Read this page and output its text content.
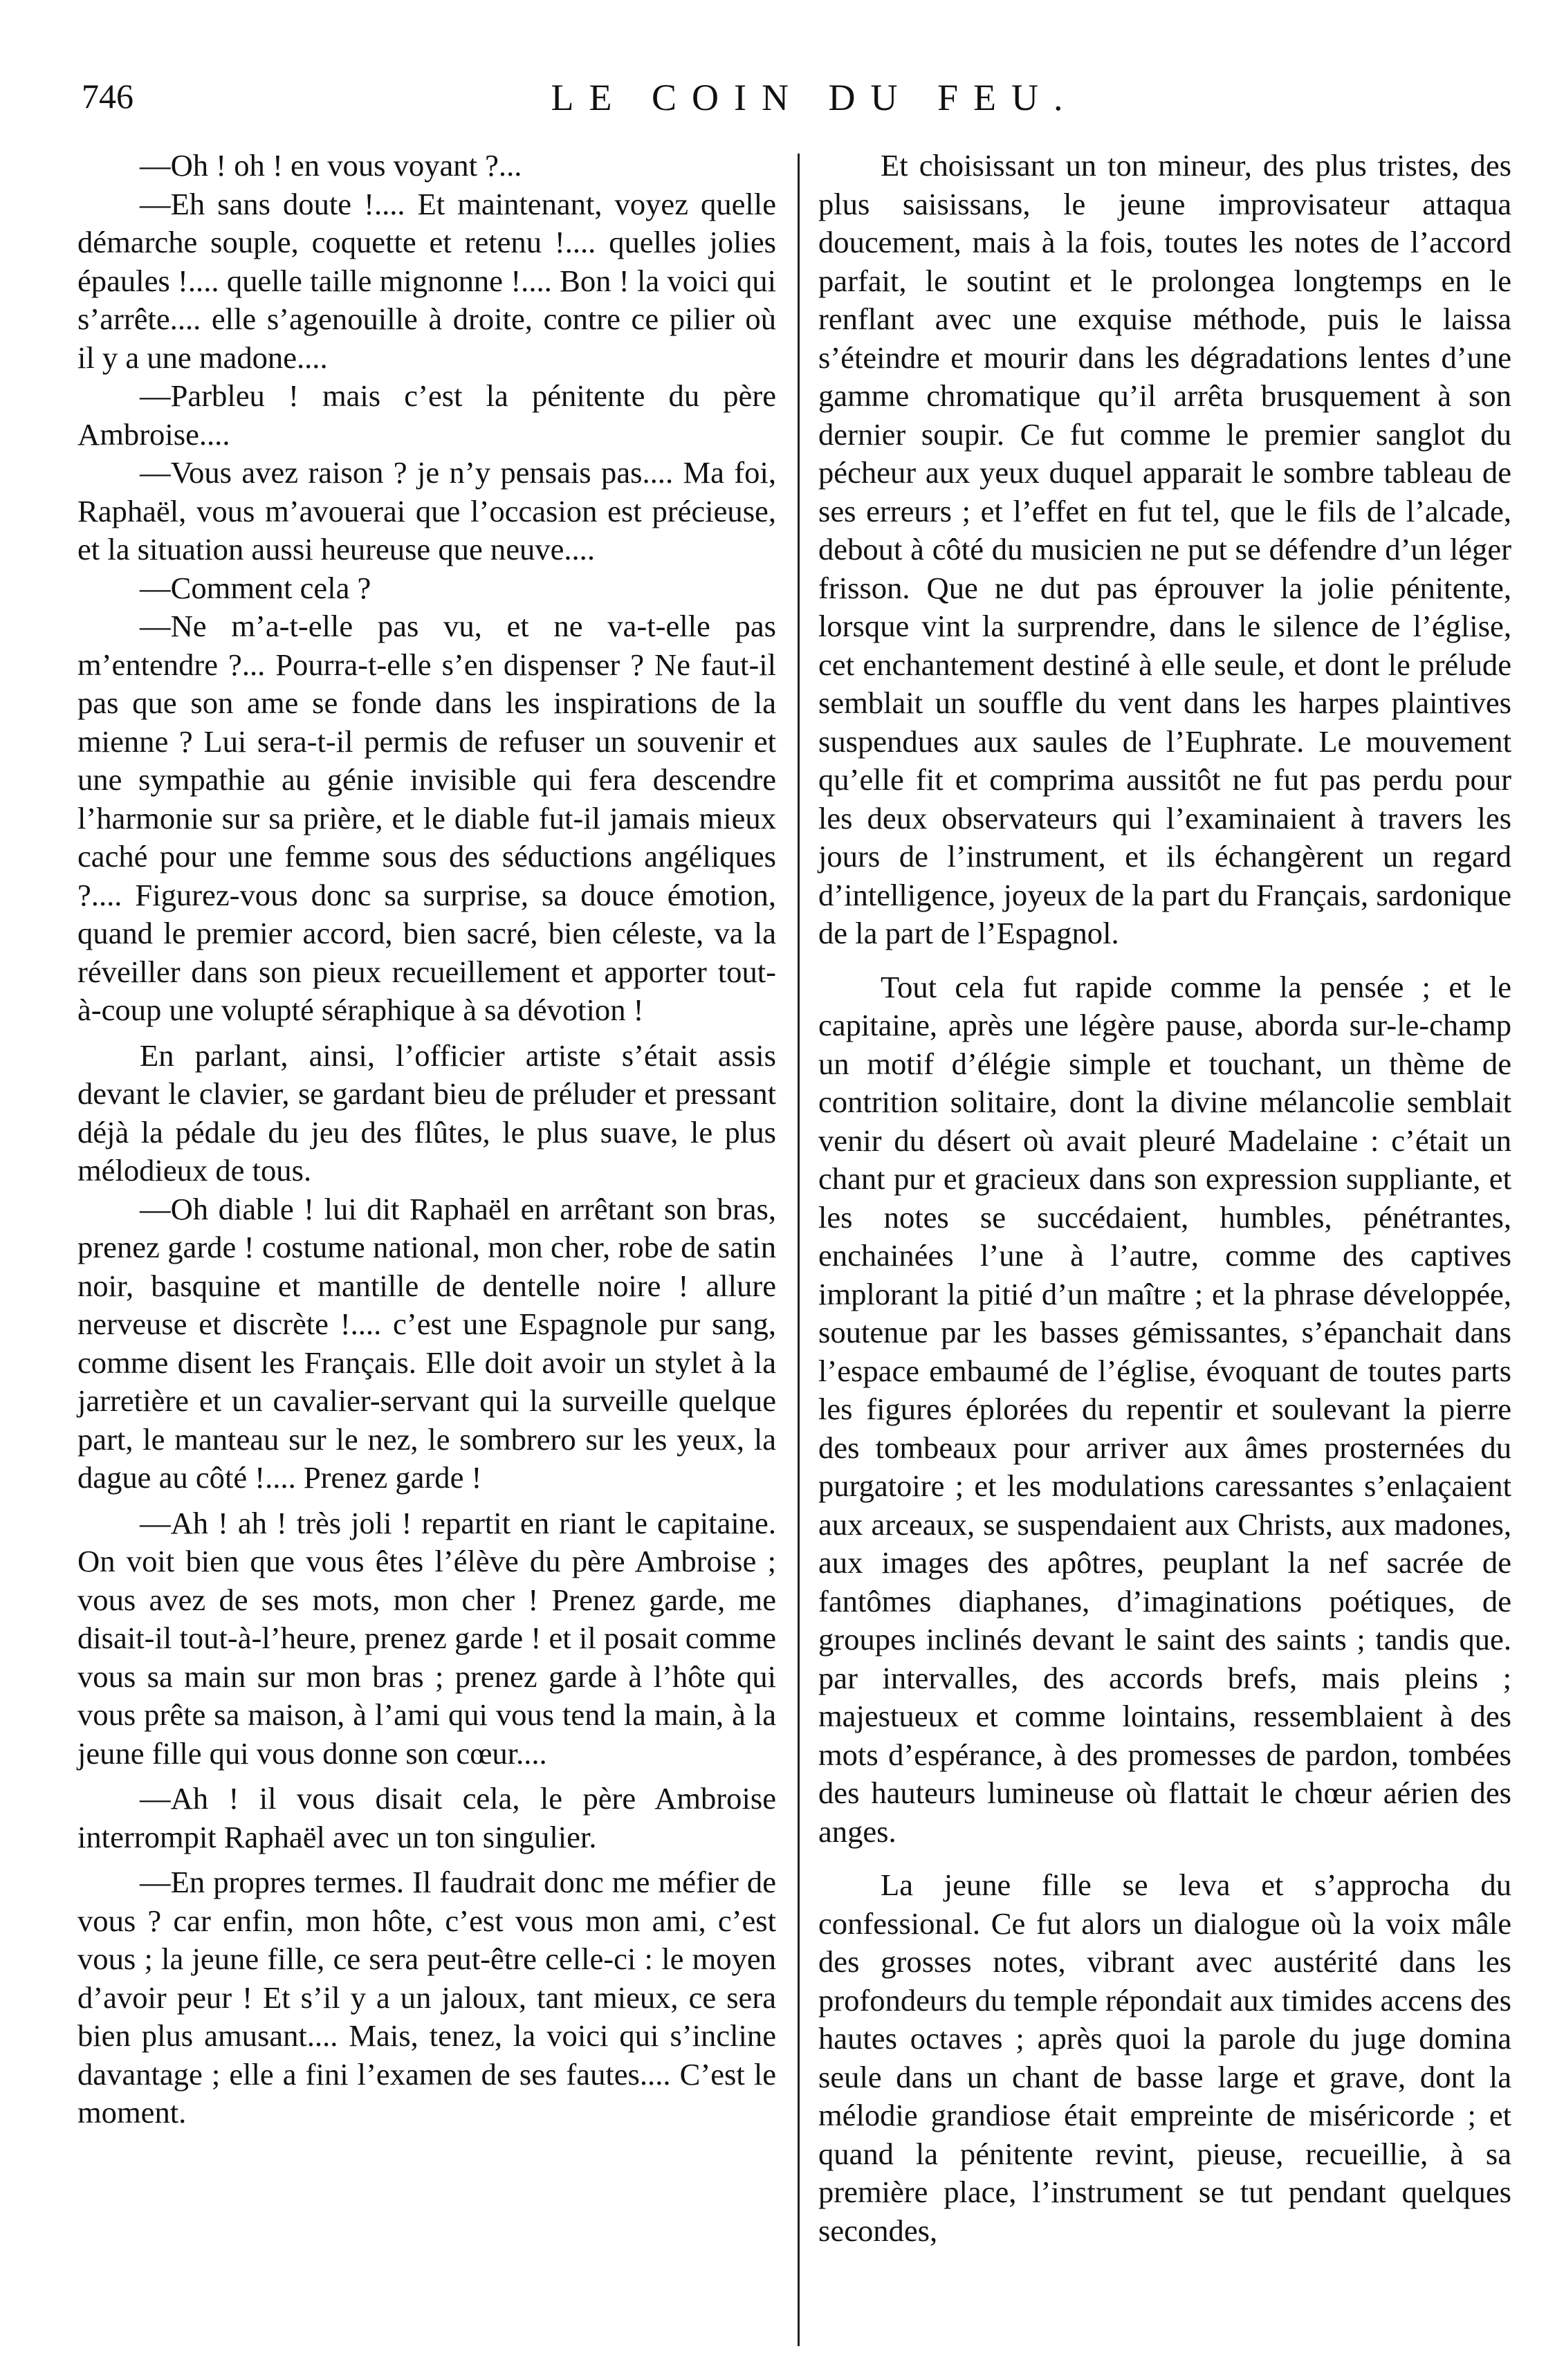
746	LE COIN DU FEU.

—Oh ! oh ! en vous voyant ?...

—Eh sans doute !.... Et maintenant, voyez quelle démarche souple, coquette et retenu !.... quelles jolies épaules !.... quelle taille mignonne !.... Bon ! la voici qui s’arrête.... elle s’agenouille à droite, contre ce pilier où il y a une madone....

—Parbleu ! mais c’est la pénitente du père Ambroise....

—Vous avez raison ? je n’y pensais pas.... Ma foi, Raphaël, vous m’avouerai que l’occasion est précieuse, et la situation aussi heureuse que neuve....

—Comment cela ?

—Ne m’a-t-elle pas vu, et ne va-t-elle pas m’entendre ?... Pourra-t-elle s’en dispenser ? Ne faut-il pas que son ame se fonde dans les inspirations de la mienne ? Lui sera-t-il permis de refuser un souvenir et une sympathie au génie invisible qui fera descendre l’harmonie sur sa prière, et le diable fut-il jamais mieux caché pour une femme sous des séductions angéliques ?.... Figurez-vous donc sa surprise, sa douce émotion, quand le premier accord, bien sacré, bien céleste, va la réveiller dans son pieux recueillement et apporter tout-à-coup une volupté séraphique à sa dévotion !

En parlant, ainsi, l’officier artiste s’était assis devant le clavier, se gardant bieu de préluder et pressant déjà la pédale du jeu des flûtes, le plus suave, le plus mélodieux de tous.

—Oh diable ! lui dit Raphaël en arrêtant son bras, prenez garde ! costume national, mon cher, robe de satin noir, basquine et mantille de dentelle noire ! allure nerveuse et discrète !.... c’est une Espagnole pur sang, comme disent les Français. Elle doit avoir un stylet à la jarretière et un cavalier-servant qui la surveille quelque part, le manteau sur le nez, le sombrero sur les yeux, la dague au côté !.... Prenez garde !

—Ah ! ah ! très joli ! repartit en riant le capitaine. On voit bien que vous êtes l’élève du père Ambroise ; vous avez de ses mots, mon cher ! Prenez garde, me disait-il tout-à-l’heure, prenez garde ! et il posait comme vous sa main sur mon bras ; prenez garde à l’hôte qui vous prête sa maison, à l’ami qui vous tend la main, à la jeune fille qui vous donne son cœur....

—Ah ! il vous disait cela, le père Ambroise interrompit Raphaël avec un ton singulier.

—En propres termes. Il faudrait donc me méfier de vous ? car enfin, mon hôte, c’est vous mon ami, c’est vous ; la jeune fille, ce sera peut-être celle-ci : le moyen d’avoir peur ! Et s’il y a un jaloux, tant mieux, ce sera bien plus amusant.... Mais, tenez, la voici qui s’incline davantage ; elle a fini l’examen de ses fautes.... C’est le moment.

Et choisissant un ton mineur, des plus tristes, des plus saisissans, le jeune improvisateur attaqua doucement, mais à la fois, toutes les notes de l’accord parfait, le soutint et le prolongea longtemps en le renflant avec une exquise méthode, puis le laissa s’éteindre et mourir dans les dégradations lentes d’une gamme chromatique qu’il arrêta brusquement à son dernier soupir. Ce fut comme le premier sanglot du pécheur aux yeux duquel apparait le sombre tableau de ses erreurs ; et l’effet en fut tel, que le fils de l’alcade, debout à côté du musicien ne put se défendre d’un léger frisson. Que ne dut pas éprouver la jolie pénitente, lorsque vint la surprendre, dans le silence de l’église, cet enchantement destiné à elle seule, et dont le prélude semblait un souffle du vent dans les harpes plaintives suspendues aux saules de l’Euphrate. Le mouvement qu’elle fit et comprima aussitôt ne fut pas perdu pour les deux observateurs qui l’examinaient à travers les jours de l’instrument, et ils échangèrent un regard d’intelligence, joyeux de la part du Français, sardonique de la part de l’Espagnol.

Tout cela fut rapide comme la pensée ; et le capitaine, après une légère pause, aborda sur-le-champ un motif d’élégie simple et touchant, un thème de contrition solitaire, dont la divine mélancolie semblait venir du désert où avait pleuré Madelaine : c’était un chant pur et gracieux dans son expression suppliante, et les notes se succédaient, humbles, pénétrantes, enchainées l’une à l’autre, comme des captives implorant la pitié d’un maître ; et la phrase développée, soutenue par les basses gémissantes, s’épanchait dans l’espace embaumé de l’église, évoquant de toutes parts les figures éplorées du repentir et soulevant la pierre des tombeaux pour arriver aux âmes prosternées du purgatoire ; et les modulations caressantes s’enlaçaient aux arceaux, se suspendaient aux Christs, aux madones, aux images des apôtres, peuplant la nef sacrée de fantômes diaphanes, d’imaginations poétiques, de groupes inclinés devant le saint des saints ; tandis que. par intervalles, des accords brefs, mais pleins ; majestueux et comme lointains, ressemblaient à des mots d’espérance, à des promesses de pardon, tombées des hauteurs lumineuse où flattait le chœur aérien des anges.

La jeune fille se leva et s’approcha du confessional. Ce fut alors un dialogue où la voix mâle des grosses notes, vibrant avec austérité dans les profondeurs du temple répondait aux timides accens des hautes octaves ; après quoi la parole du juge domina seule dans un chant de basse large et grave, dont la mélodie grandiose était empreinte de miséricorde ; et quand la pénitente revint, pieuse, recueillie, à sa première place, l’instrument se tut pendant quelques secondes,
